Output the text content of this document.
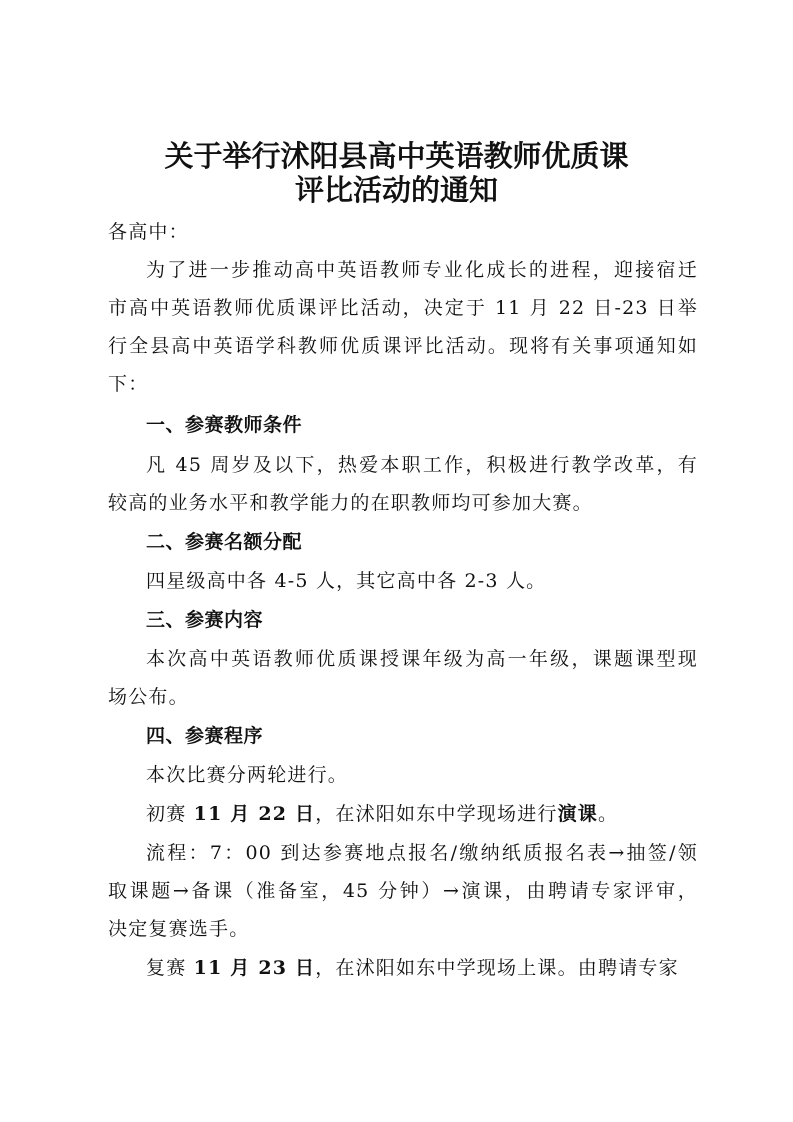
关于举行沭阳县高中英语教师优质课
评比活动的通知
各高中：
为了进一步推动高中英语教师专业化成长的进程，迎接宿迁
市高中英语教师优质课评比活动，决定于 11 月 22 日-23 日举
行全县高中英语学科教师优质课评比活动。现将有关事项通知如
下：
一、参赛教师条件
凡 45 周岁及以下，热爱本职工作，积极进行教学改革，有
较高的业务水平和教学能力的在职教师均可参加大赛。
二、参赛名额分配
四星级高中各 4-5 人，其它高中各 2-3 人。
三、参赛内容
本次高中英语教师优质课授课年级为高一年级，课题课型现
场公布。
四、参赛程序
本次比赛分两轮进行。
初赛 11 月 22 日，在沭阳如东中学现场进行演课。
流程：7：00 到达参赛地点报名/缴纳纸质报名表→抽签/领
取课题→备课（准备室，45 分钟）→演课，由聘请专家评审，
决定复赛选手。
复赛 11 月 23 日，在沭阳如东中学现场上课。由聘请专家
